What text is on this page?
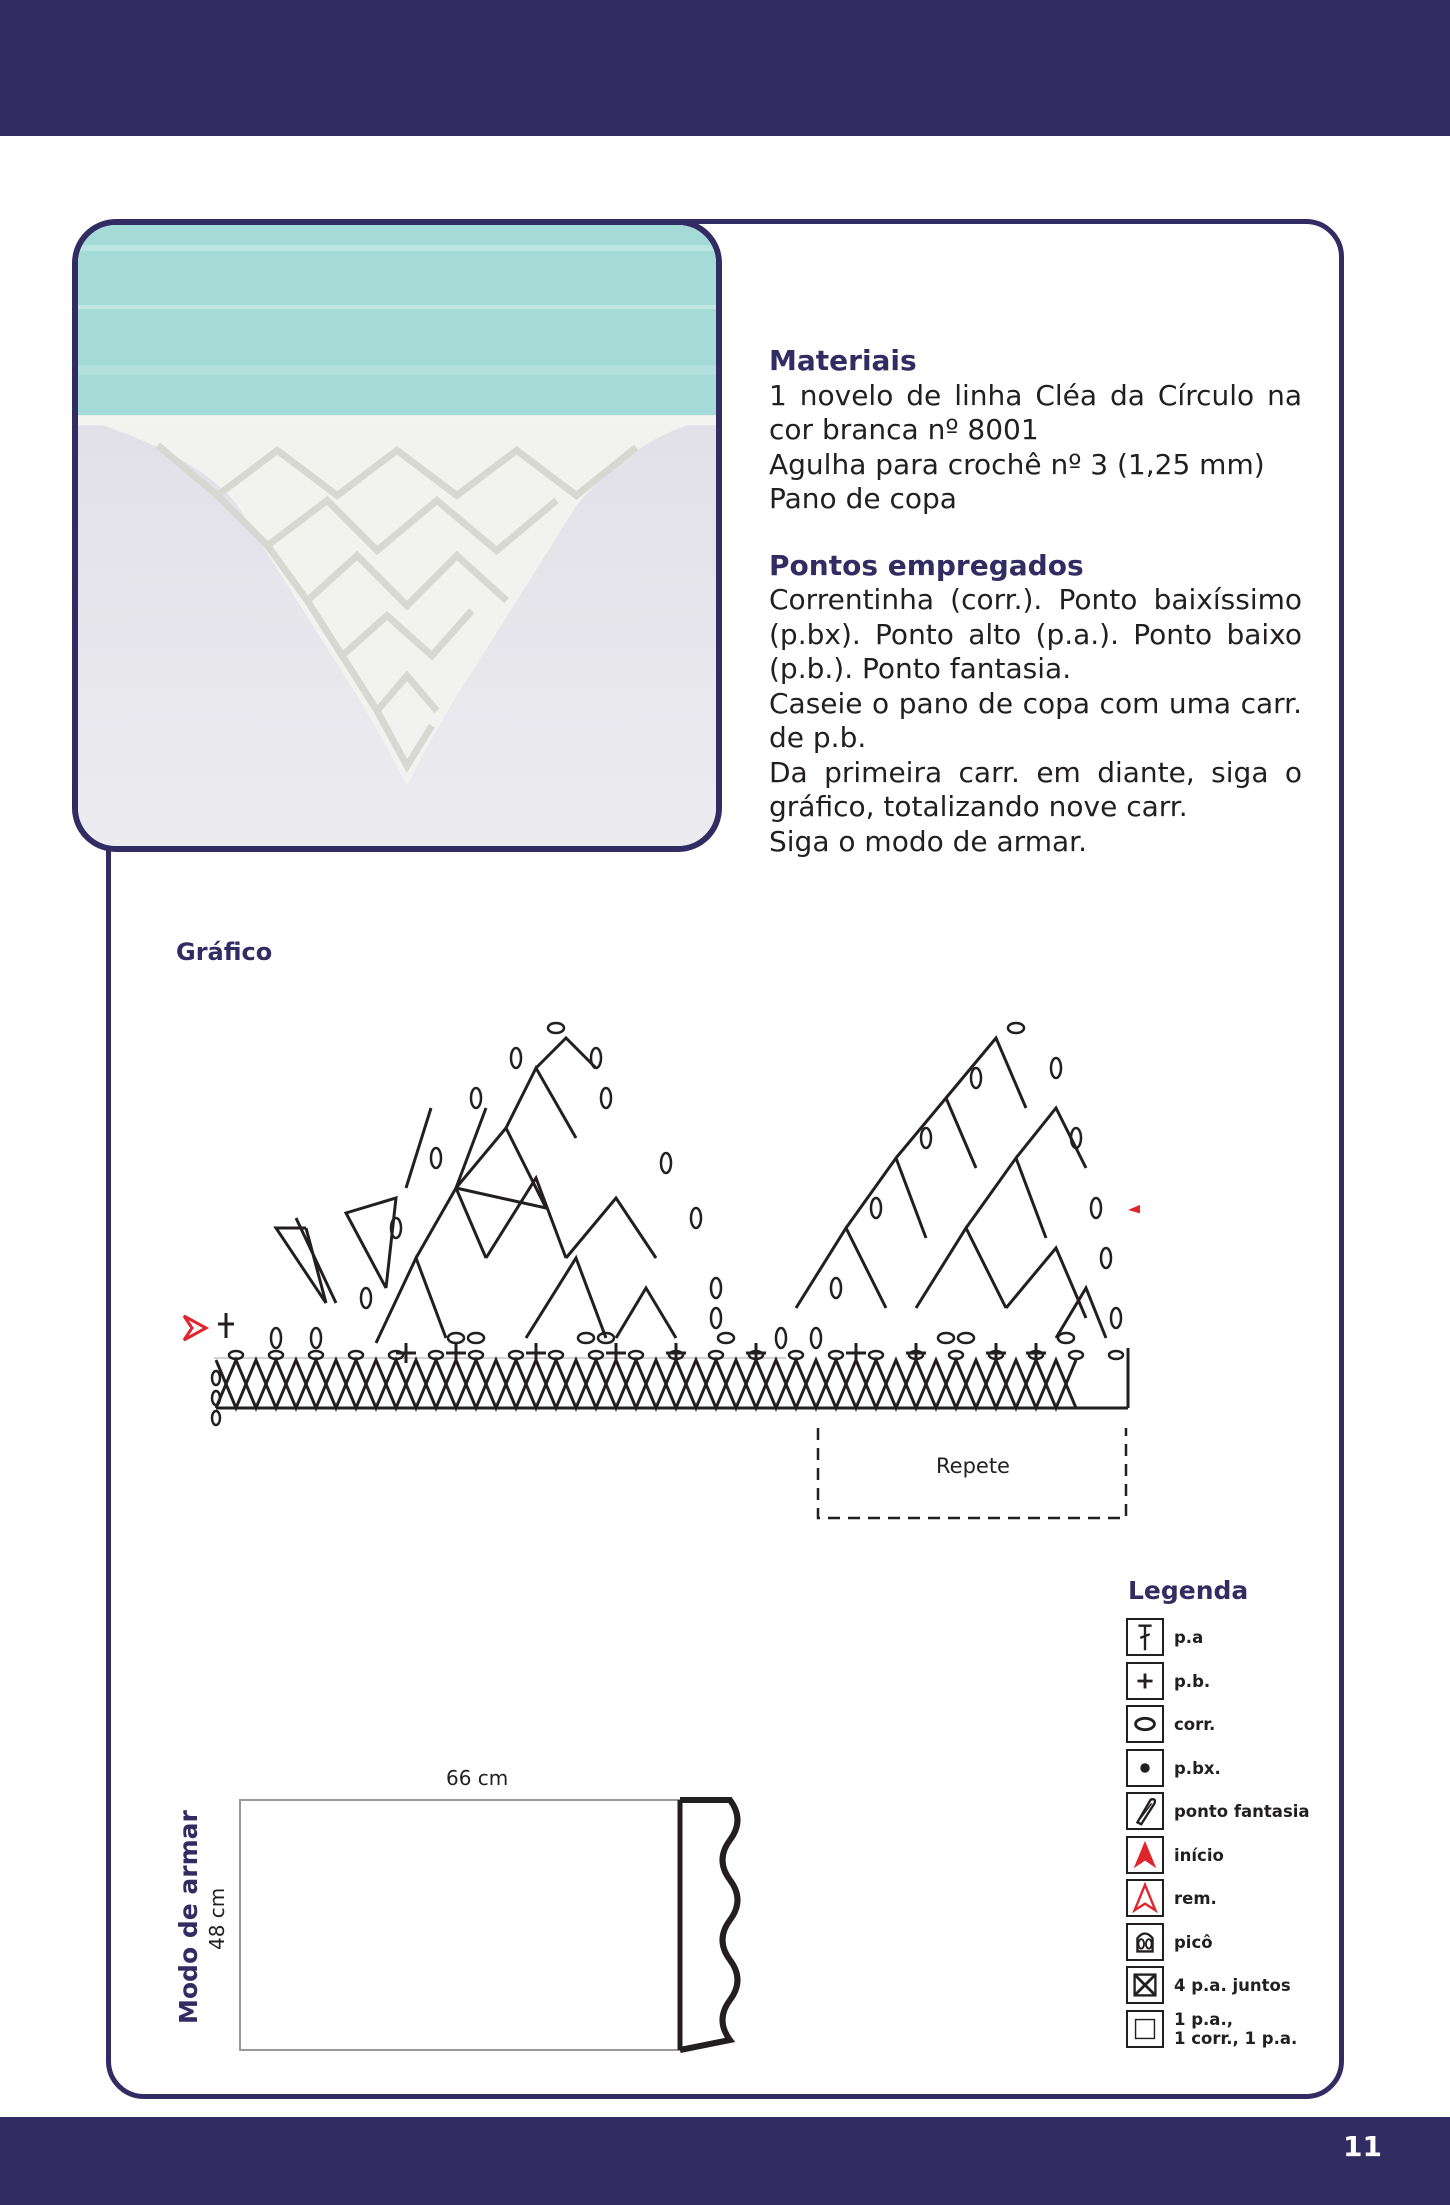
Materiais

1 novelo de linha Cléa da Círculo na cor branca nº 8001

Agulha para crochê nº 3 (1,25 mm)

Pano de copa

Pontos empregados

Correntinha (corr.). Ponto baixíssimo (p.bx). Ponto alto (p.a.). Ponto baixo (p.b.). Ponto fantasia.

Caseie o pano de copa com uma carr. de p.b.

Da primeira carr. em diante, siga o gráfico, totalizando nove carr.

Siga o modo de armar.

Gráfico
Repete
Legenda
p.a
p.b.
corr.
p.bx.
ponto fantasia
início
rem.
picô
4 p.a. juntos
1 p.a.,
1 corr., 1 p.a.
Modo de armar 48 cm
66 cm
11
